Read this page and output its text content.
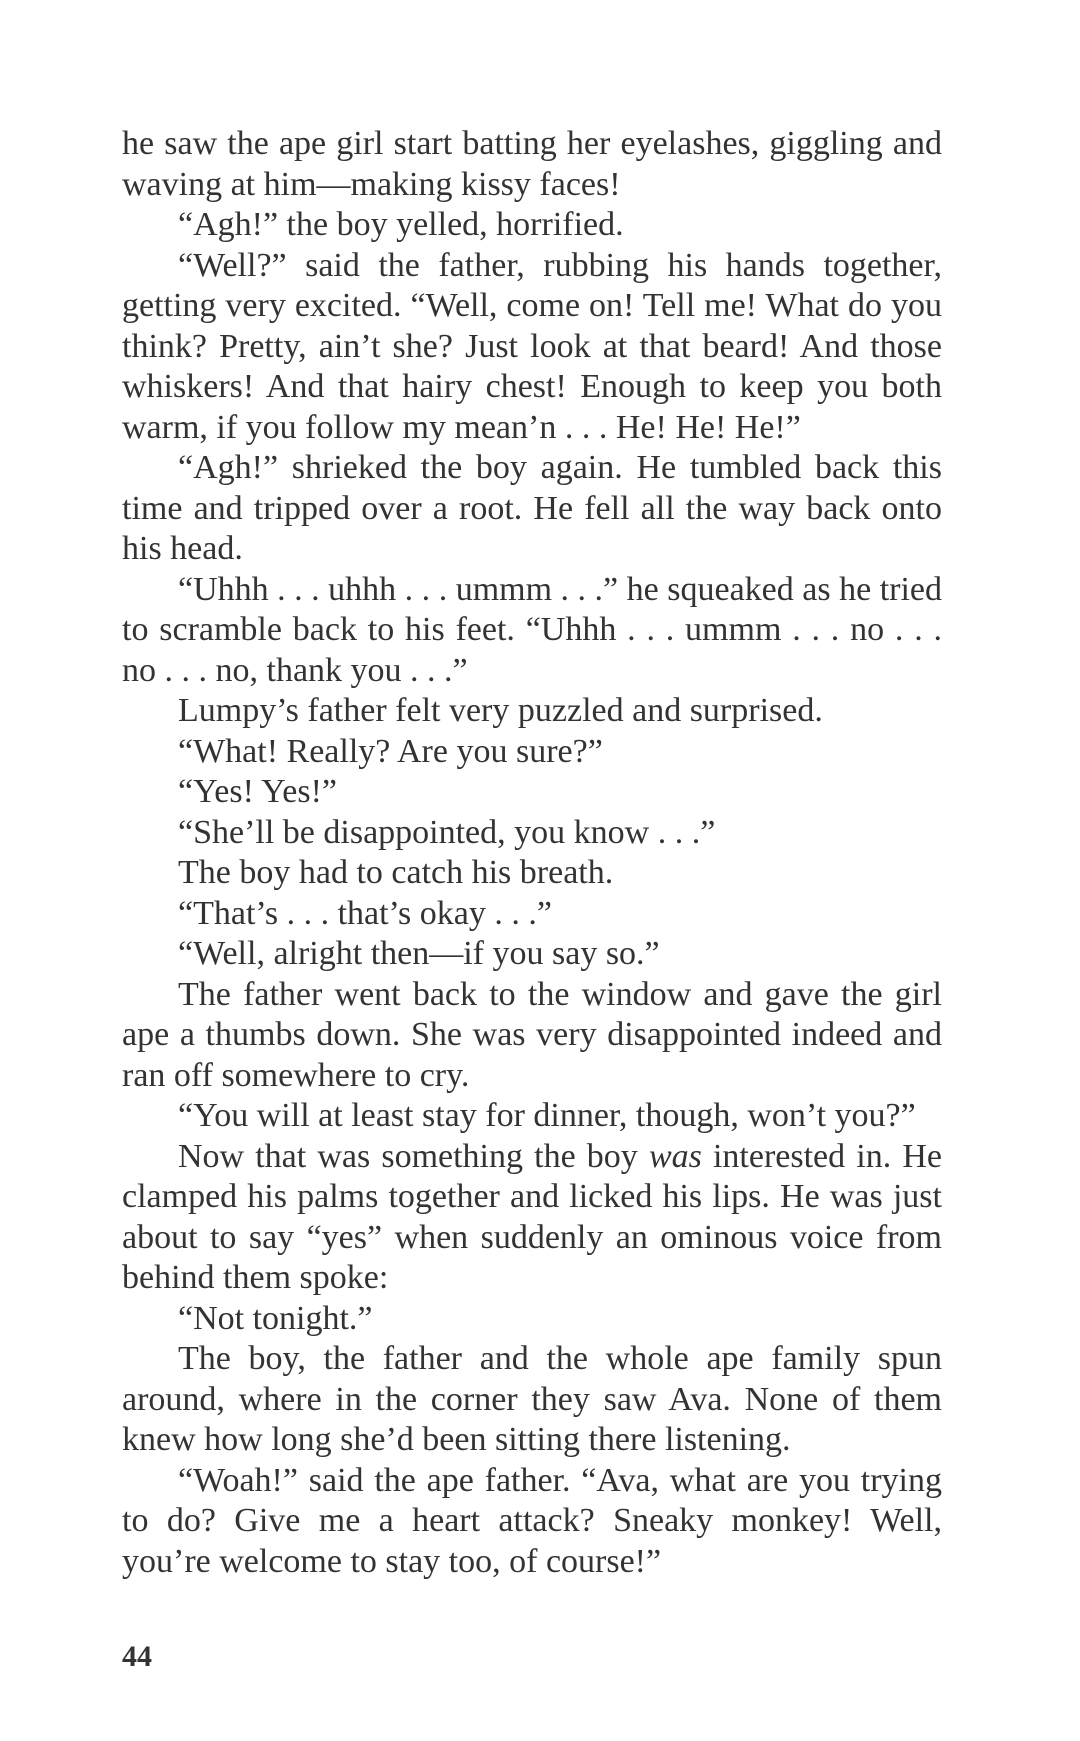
he saw the ape girl start batting her eyelashes, giggling and waving at him—making kissy faces!

“Agh!” the boy yelled, horrified.

“Well?” said the father, rubbing his hands together, getting very excited. “Well, come on! Tell me! What do you think? Pretty, ain’t she? Just look at that beard! And those whiskers! And that hairy chest! Enough to keep you both warm, if you follow my mean’n . . . He! He! He!”

“Agh!” shrieked the boy again. He tumbled back this time and tripped over a root. He fell all the way back onto his head.

“Uhhh . . . uhhh . . . ummm . . .” he squeaked as he tried to scramble back to his feet. “Uhhh . . . ummm . . . no . . . no . . . no, thank you . . .”

Lumpy’s father felt very puzzled and surprised.

“What! Really? Are you sure?”

“Yes! Yes!”

“She’ll be disappointed, you know . . .”

The boy had to catch his breath.

“That’s . . . that’s okay . . .”

“Well, alright then—if you say so.”

The father went back to the window and gave the girl ape a thumbs down. She was very disappointed indeed and ran off somewhere to cry.

“You will at least stay for dinner, though, won’t you?”

Now that was something the boy was interested in. He clamped his palms together and licked his lips. He was just about to say “yes” when suddenly an ominous voice from behind them spoke:

“Not tonight.”

The boy, the father and the whole ape family spun around, where in the corner they saw Ava. None of them knew how long she’d been sitting there listening.

“Woah!” said the ape father. “Ava, what are you trying to do? Give me a heart attack? Sneaky monkey! Well, you’re welcome to stay too, of course!”

44
